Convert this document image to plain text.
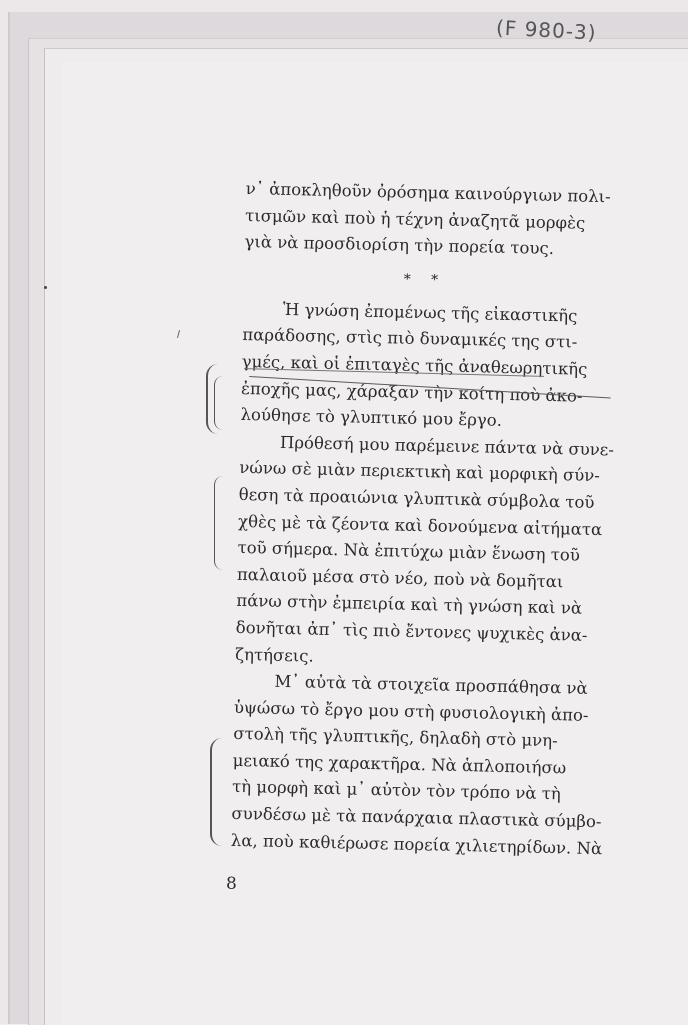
(F 980-3)
ν᾽ ἀποκληθοῦν ὀρόσημα καινούργιων πολι-
τισμῶν καὶ ποὺ ἡ τέχνη ἀναζητᾶ μορφὲς
γιὰ νὰ προσδιορίση τὴν πορεία τους.
* *
Ἡ γνώση ἐπομένως τῆς εἰκαστικῆς
παράδοσης, στὶς πιὸ δυναμικές της στι-
γμές, καὶ οἱ ἐπιταγὲς τῆς ἀναθεωρητικῆς
ἐποχῆς μας, χάραξαν τὴν κοίτη ποὺ ἀκο-
λούθησε τὸ γλυπτικό μου ἔργο.
Πρόθεσή μου παρέμεινε πάντα νὰ συνε-
νώνω σὲ μιὰν περιεκτικὴ καὶ μορφικὴ σύν-
θεση τὰ προαιώνια γλυπτικὰ σύμβολα τοῦ
χθὲς μὲ τὰ ζέοντα καὶ δονούμενα αἰτήματα
τοῦ σήμερα. Νὰ ἐπιτύχω μιὰν ἕνωση τοῦ
παλαιοῦ μέσα στὸ νέο, ποὺ νὰ δομῆται
πάνω στὴν ἐμπειρία καὶ τὴ γνώση καὶ νὰ
δονῆται ἀπ᾽ τὶς πιὸ ἔντονες ψυχικὲς ἀνα-
ζητήσεις.
Μ᾽ αὐτὰ τὰ στοιχεῖα προσπάθησα νὰ
ὑψώσω τὸ ἔργο μου στὴ φυσιολογικὴ ἀπο-
στολὴ τῆς γλυπτικῆς, δηλαδὴ στὸ μνη-
μειακό της χαρακτῆρα. Νὰ ἁπλοποιήσω
τὴ μορφὴ καὶ μ᾽ αὐτὸν τὸν τρόπο νὰ τὴ
συνδέσω μὲ τὰ πανάρχαια πλαστικὰ σύμβο-
λα, ποὺ καθιέρωσε πορεία χιλιετηρίδων. Νὰ
8
